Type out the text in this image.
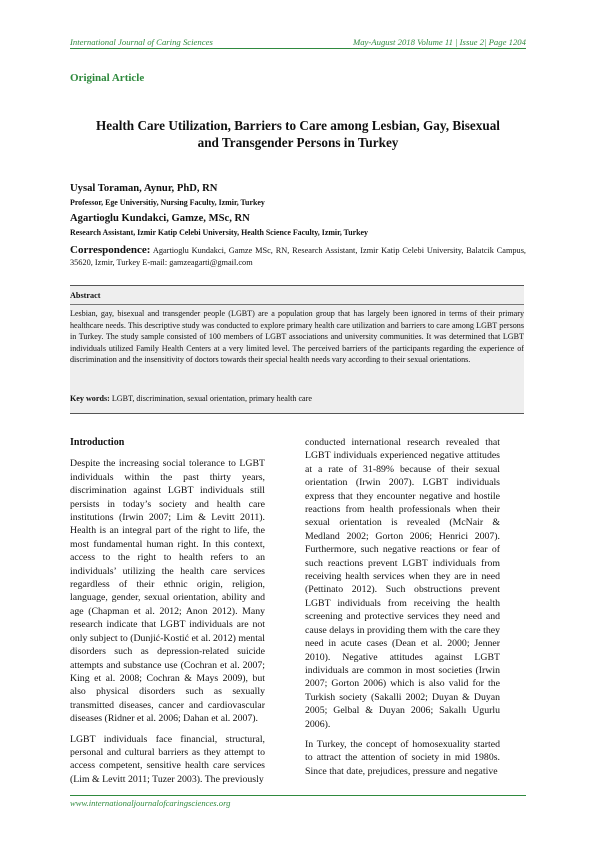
International Journal of Caring Sciences	May-August 2018 Volume 11 | Issue 2| Page 1204
Original Article
Health Care Utilization, Barriers to Care among Lesbian, Gay, Bisexual
and Transgender Persons in Turkey
Uysal Toraman, Aynur, PhD, RN
Professor, Ege Universitiy, Nursing Faculty, Izmir, Turkey
Agartioglu Kundakci, Gamze, MSc, RN
Research Assistant, Izmir Katip Celebi University, Health Science Faculty, Izmir, Turkey
Correspondence: Agartioglu Kundakci, Gamze MSc, RN, Research Assistant, Izmir Katip Celebi University, Balatcik Campus, 35620, Izmir, Turkey E-mail: gamzeagarti@gmail.com
Abstract
Lesbian, gay, bisexual and transgender people (LGBT) are a population group that has largely been ignored in terms of their primary healthcare needs. This descriptive study was conducted to explore primary health care utilization and barriers to care among LGBT persons in Turkey. The study sample consisted of 100 members of LGBT associations and university communities. It was determined that LGBT individuals utilized Family Health Centers at a very limited level. The perceived barriers of the participants regarding the experience of discrimination and the insensitivity of doctors towards their special health needs vary according to their sexual orientations.
Key words: LGBT, discrimination, sexual orientation, primary health care
Introduction

Despite the increasing social tolerance to LGBT individuals within the past thirty years, discrimination against LGBT individuals still persists in today’s society and health care institutions (Irwin 2007; Lim & Levitt 2011). Health is an integral part of the right to life, the most fundamental human right. In this context, access to the right to health refers to an individuals’ utilizing the health care services regardless of their ethnic origin, religion, language, gender, sexual orientation, ability and age (Chapman et al. 2012; Anon 2012). Many research indicate that LGBT individuals are not only subject to (Dunjić-Kostić et al. 2012) mental disorders such as depression-related suicide attempts and substance use (Cochran et al. 2007; King et al. 2008; Cochran & Mays 2009), but also physical disorders such as sexually transmitted diseases, cancer and cardiovascular diseases (Ridner et al. 2006; Dahan et al. 2007).

LGBT individuals face financial, structural, personal and cultural barriers as they attempt to access competent, sensitive health care services (Lim & Levitt 2011; Tuzer 2003). The previously

conducted international research revealed that LGBT individuals experienced negative attitudes at a rate of 31-89% because of their sexual orientation (Irwin 2007). LGBT individuals express that they encounter negative and hostile reactions from health professionals when their sexual orientation is revealed (McNair & Medland 2002; Gorton 2006; Henrici 2007). Furthermore, such negative reactions or fear of such reactions prevent LGBT individuals from receiving health services when they are in need (Pettinato 2012). Such obstructions prevent LGBT individuals from receiving the health screening and protective services they need and cause delays in providing them with the care they need in acute cases (Dean et al. 2000; Jenner 2010). Negative attitudes against LGBT individuals are common in most societies (Irwin 2007; Gorton 2006) which is also valid for the Turkish society (Sakalli 2002; Duyan & Duyan 2005; Gelbal & Duyan 2006; Sakallı Ugurlu 2006).

In Turkey, the concept of homosexuality started to attract the attention of society in mid 1980s. Since that date, prejudices, pressure and negative

www.internationaljournalofcaringsciences.org
